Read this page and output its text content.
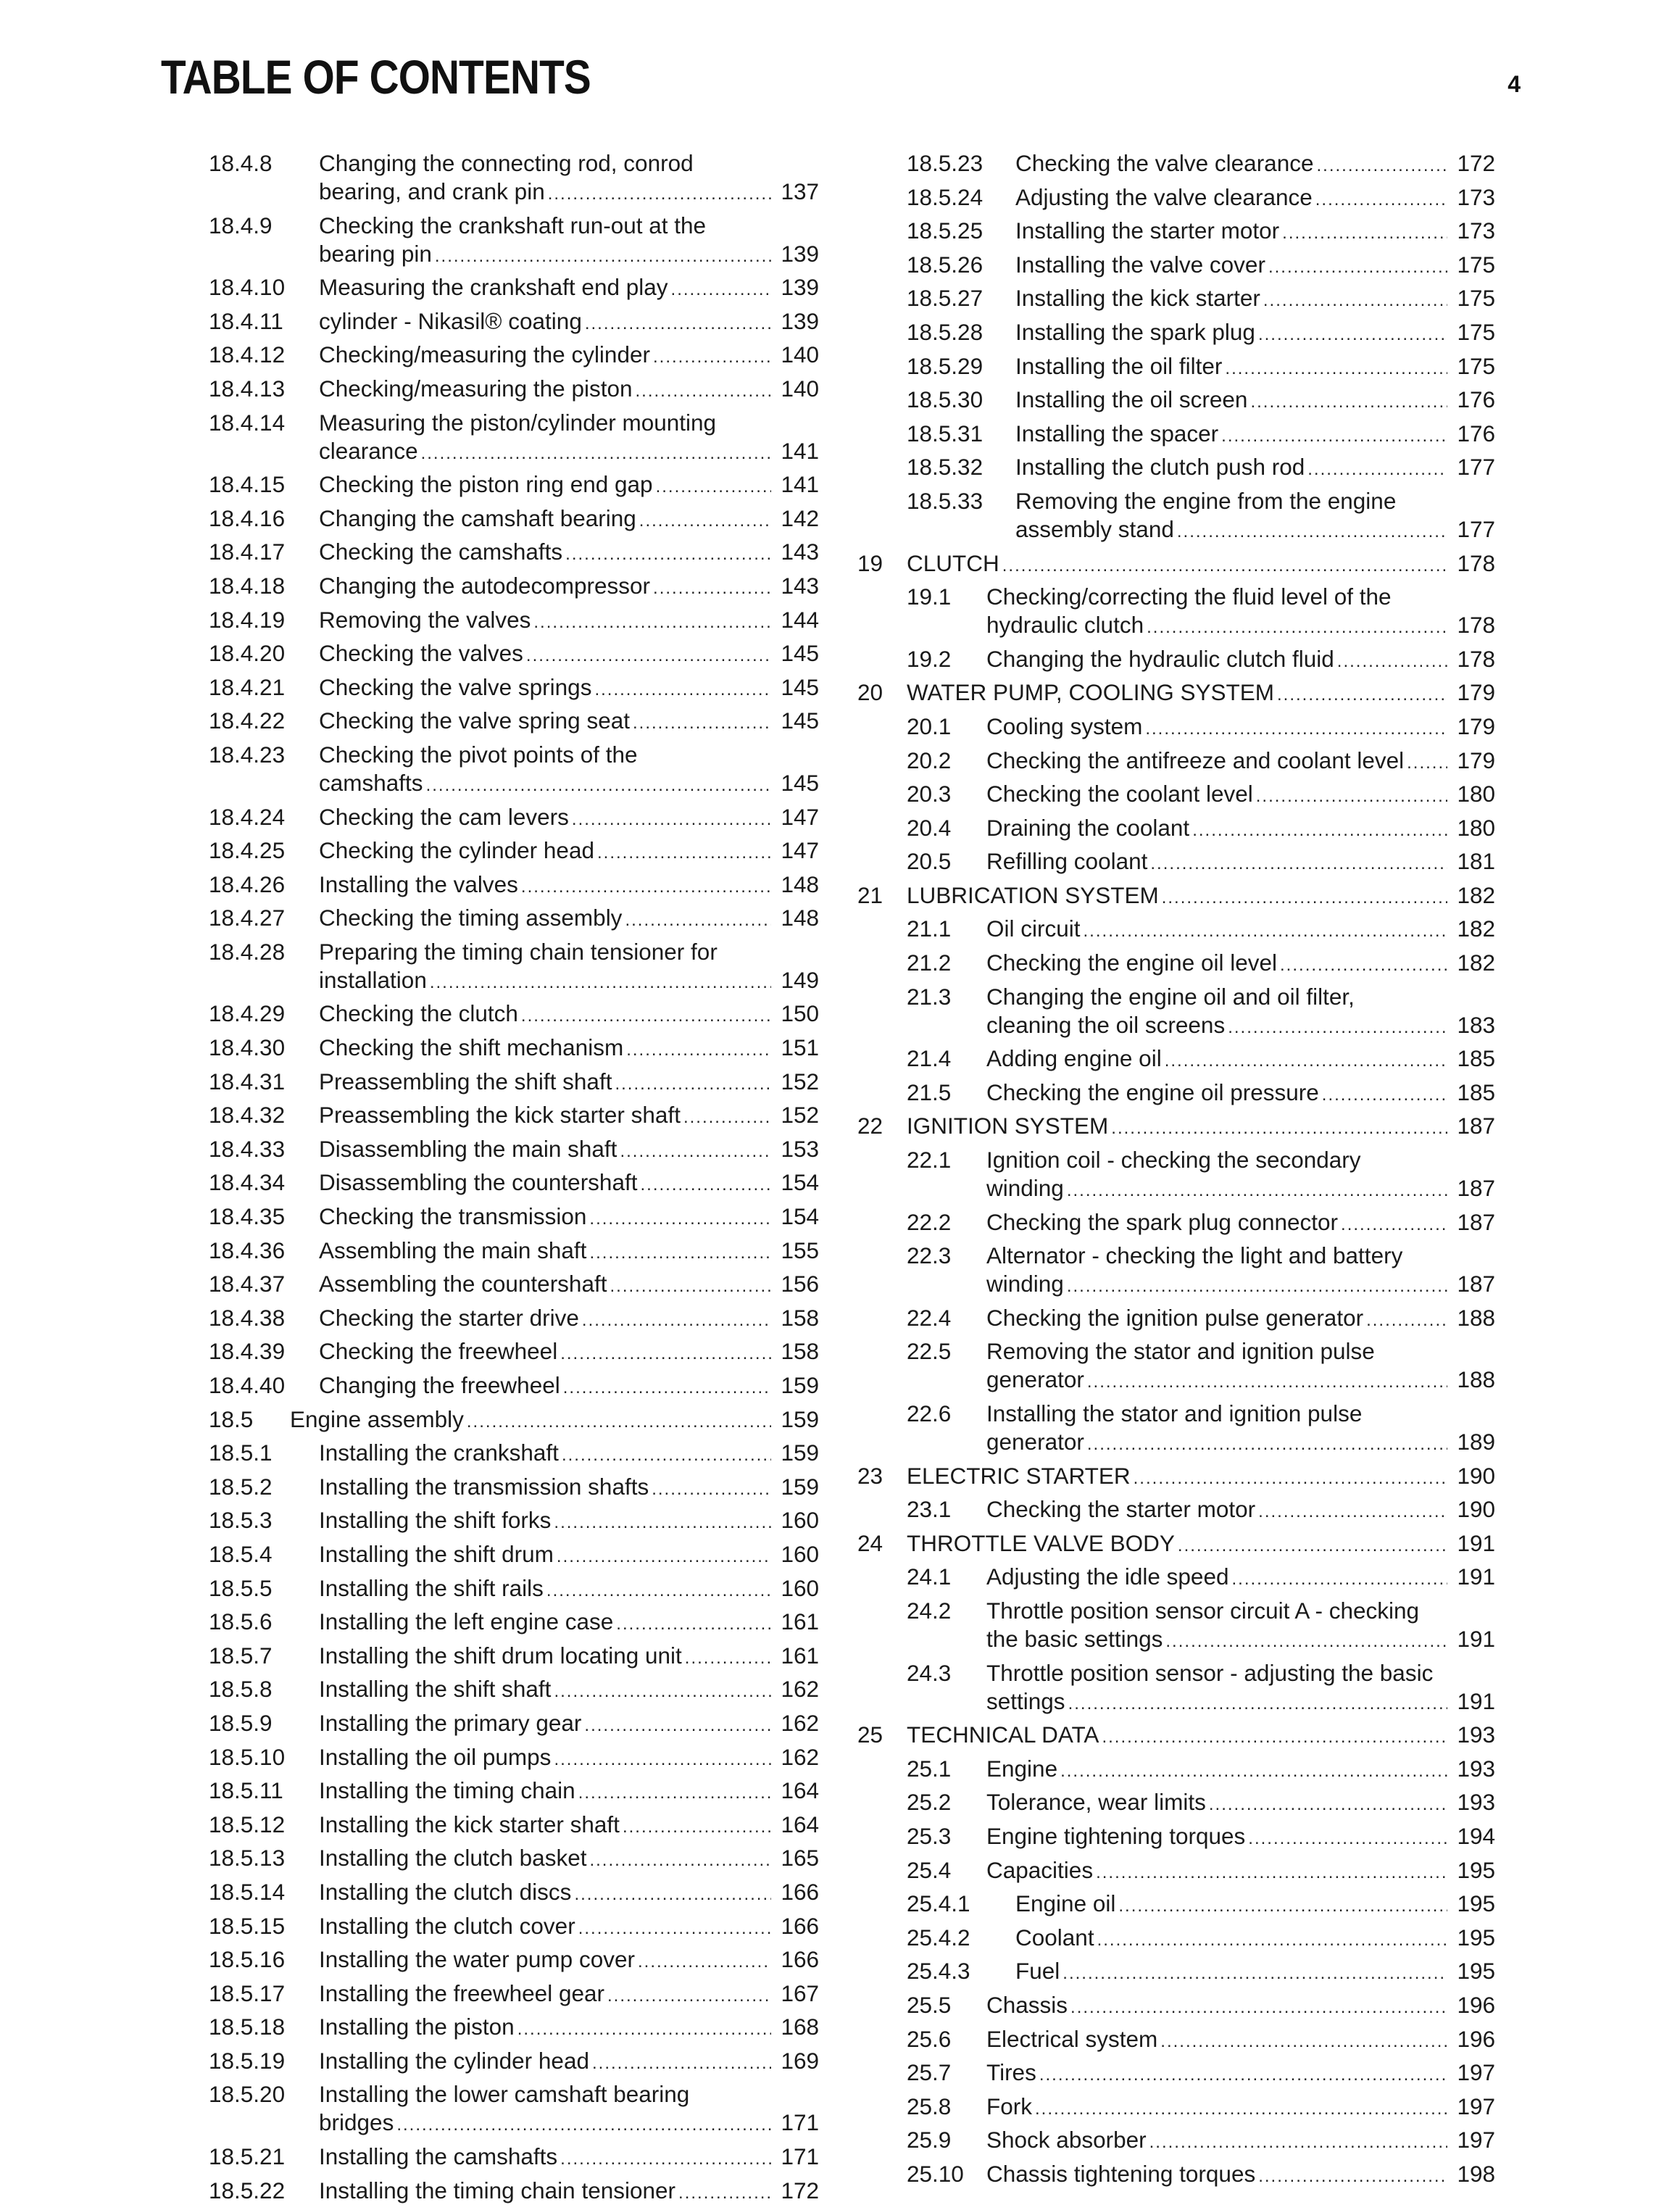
TABLE OF CONTENTS	4
18.4.8 Changing the connecting rod, conrod
bearing, and crank pin .....	137
18.4.9 Checking the crankshaft run-out at the
bearing pin .....	139
18.4.10 Measuring the crankshaft end play .....	139
18.4.11 cylinder - Nikasil® coating .....	139
18.4.12 Checking/measuring the cylinder .....	140
18.4.13 Checking/measuring the piston .....	140
18.4.14 Measuring the piston/cylinder mounting
clearance .....	141
18.4.15 Checking the piston ring end gap .....	141
18.4.16 Changing the camshaft bearing .....	142
18.4.17 Checking the camshafts .....	143
18.4.18 Changing the autodecompressor .....	143
18.4.19 Removing the valves .....	144
18.4.20 Checking the valves .....	145
18.4.21 Checking the valve springs .....	145
18.4.22 Checking the valve spring seat .....	145
18.4.23 Checking the pivot points of the
camshafts .....	145
18.4.24 Checking the cam levers .....	147
18.4.25 Checking the cylinder head .....	147
18.4.26 Installing the valves .....	148
18.4.27 Checking the timing assembly .....	148
18.4.28 Preparing the timing chain tensioner for
installation .....	149
18.4.29 Checking the clutch .....	150
18.4.30 Checking the shift mechanism .....	151
18.4.31 Preassembling the shift shaft .....	152
18.4.32 Preassembling the kick starter shaft .....	152
18.4.33 Disassembling the main shaft .....	153
18.4.34 Disassembling the countershaft .....	154
18.4.35 Checking the transmission .....	154
18.4.36 Assembling the main shaft .....	155
18.4.37 Assembling the countershaft .....	156
18.4.38 Checking the starter drive .....	158
18.4.39 Checking the freewheel .....	158
18.4.40 Changing the freewheel .....	159
18.5 Engine assembly .....	159
18.5.1 Installing the crankshaft .....	159
18.5.2 Installing the transmission shafts .....	159
18.5.3 Installing the shift forks .....	160
18.5.4 Installing the shift drum .....	160
18.5.5 Installing the shift rails .....	160
18.5.6 Installing the left engine case .....	161
18.5.7 Installing the shift drum locating unit .....	161
18.5.8 Installing the shift shaft .....	162
18.5.9 Installing the primary gear .....	162
18.5.10 Installing the oil pumps .....	162
18.5.11 Installing the timing chain .....	164
18.5.12 Installing the kick starter shaft .....	164
18.5.13 Installing the clutch basket .....	165
18.5.14 Installing the clutch discs .....	166
18.5.15 Installing the clutch cover .....	166
18.5.16 Installing the water pump cover .....	166
18.5.17 Installing the freewheel gear .....	167
18.5.18 Installing the piston .....	168
18.5.19 Installing the cylinder head .....	169
18.5.20 Installing the lower camshaft bearing
bridges .....	171
18.5.21 Installing the camshafts .....	171
18.5.22 Installing the timing chain tensioner .....	172
18.5.23 Checking the valve clearance .....	172
18.5.24 Adjusting the valve clearance .....	173
18.5.25 Installing the starter motor .....	173
18.5.26 Installing the valve cover .....	175
18.5.27 Installing the kick starter .....	175
18.5.28 Installing the spark plug .....	175
18.5.29 Installing the oil filter .....	175
18.5.30 Installing the oil screen .....	176
18.5.31 Installing the spacer .....	176
18.5.32 Installing the clutch push rod .....	177
18.5.33 Removing the engine from the engine
assembly stand .....	177
19 CLUTCH .....	178
19.1 Checking/correcting the fluid level of the
hydraulic clutch .....	178
19.2 Changing the hydraulic clutch fluid .....	178
20 WATER PUMP, COOLING SYSTEM .....	179
20.1 Cooling system .....	179
20.2 Checking the antifreeze and coolant level ..... 179
20.3 Checking the coolant level .....	180
20.4 Draining the coolant .....	180
20.5 Refilling coolant .....	181
21 LUBRICATION SYSTEM .....	182
21.1 Oil circuit .....	182
21.2 Checking the engine oil level .....	182
21.3 Changing the engine oil and oil filter,
cleaning the oil screens .....	183
21.4 Adding engine oil .....	185
21.5 Checking the engine oil pressure .....	185
22 IGNITION SYSTEM .....	187
22.1 Ignition coil - checking the secondary
winding .....	187
22.2 Checking the spark plug connector .....	187
22.3 Alternator - checking the light and battery
winding .....	187
22.4 Checking the ignition pulse generator .....	188
22.5 Removing the stator and ignition pulse
generator .....	188
22.6 Installing the stator and ignition pulse
generator .....	189
23 ELECTRIC STARTER .....	190
23.1 Checking the starter motor .....	190
24 THROTTLE VALVE BODY .....	191
24.1 Adjusting the idle speed .....	191
24.2 Throttle position sensor circuit A - checking
the basic settings .....	191
24.3 Throttle position sensor - adjusting the basic
settings .....	191
25 TECHNICAL DATA .....	193
25.1 Engine .....	193
25.2 Tolerance, wear limits .....	193
25.3 Engine tightening torques .....	194
25.4 Capacities .....	195
25.4.1 Engine oil .....	195
25.4.2 Coolant .....	195
25.4.3 Fuel .....	195
25.5 Chassis .....	196
25.6 Electrical system .....	196
25.7 Tires .....	197
25.8 Fork .....	197
25.9 Shock absorber .....	197
25.10 Chassis tightening torques .....	198
